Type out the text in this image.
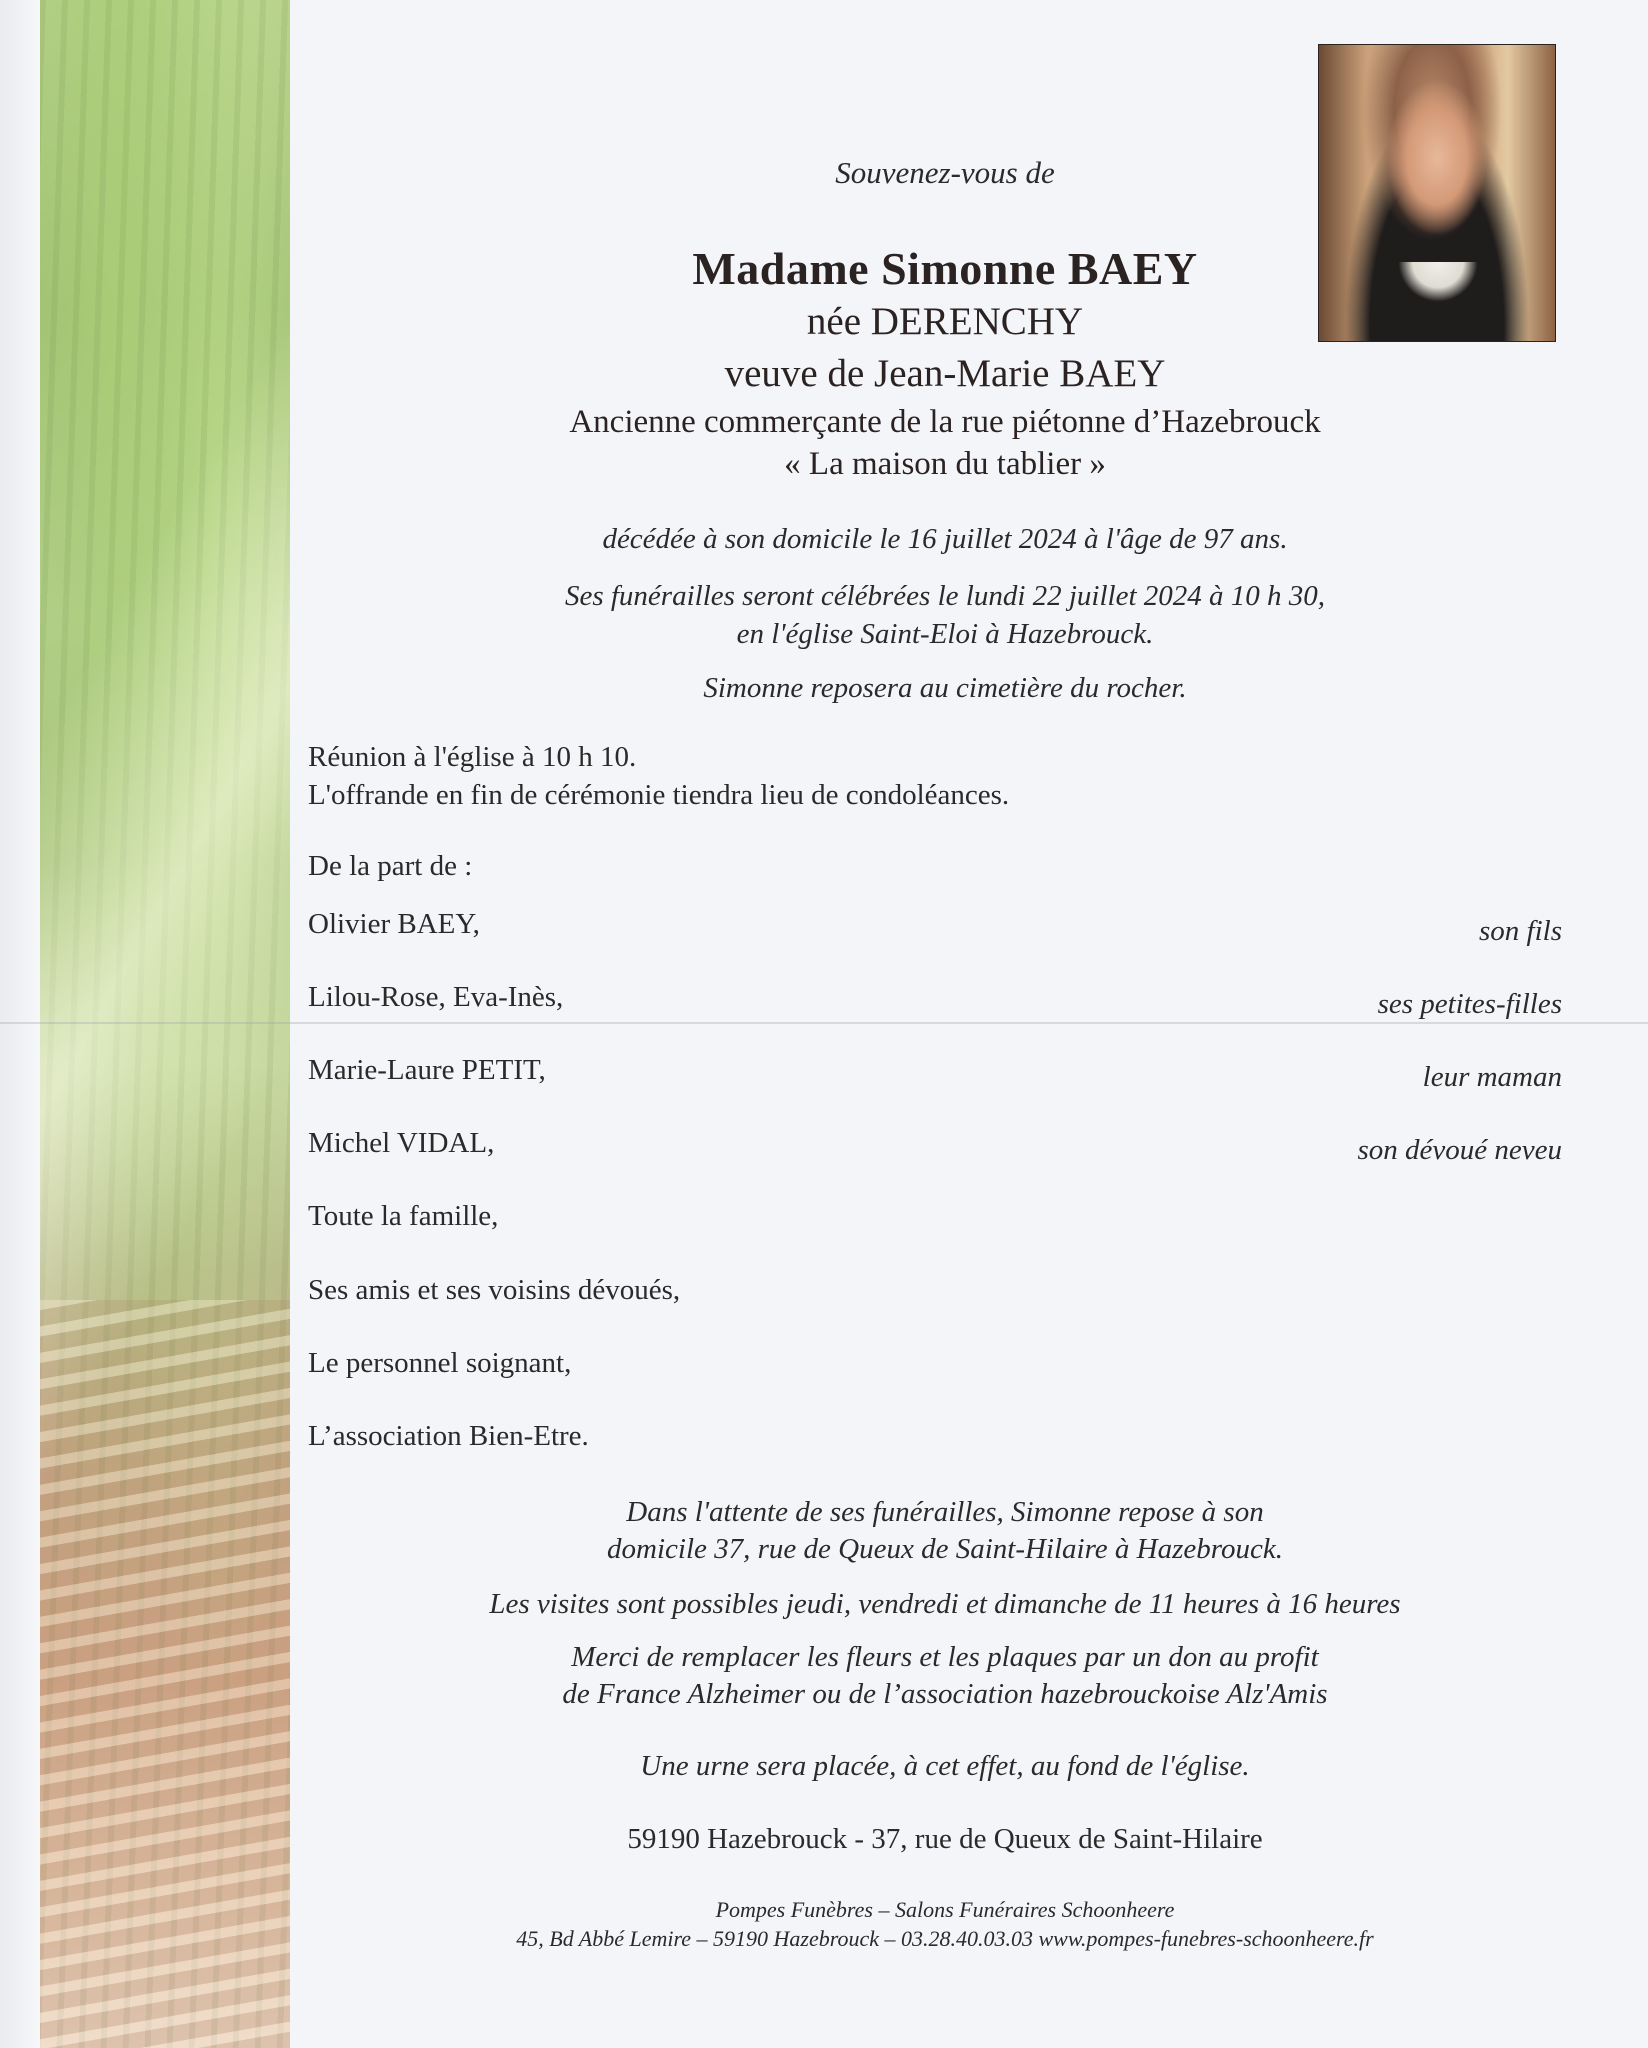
Souvenez-vous de
Madame Simonne BAEY
née DERENCHY
veuve de Jean-Marie BAEY
Ancienne commerçante de la rue piétonne d’Hazebrouck
« La maison du tablier »
décédée à son domicile le 16 juillet 2024 à l'âge de 97 ans.
Ses funérailles seront célébrées le lundi 22 juillet 2024 à 10 h 30,
en l'église Saint-Eloi à Hazebrouck.
Simonne reposera au cimetière du rocher.
Réunion à l'église à 10 h 10.
L'offrande en fin de cérémonie tiendra lieu de condoléances.
De la part de :
Olivier BAEY,	son fils
Lilou-Rose, Eva-Inès,	ses petites-filles
Marie-Laure PETIT,	leur maman
Michel VIDAL,	son dévoué neveu
Toute la famille,
Ses amis et ses voisins dévoués,
Le personnel soignant,
L’association Bien-Etre.
Dans l'attente de ses funérailles, Simonne repose à son
domicile 37, rue de Queux de Saint-Hilaire à Hazebrouck.
Les visites sont possibles jeudi, vendredi et dimanche de 11 heures à 16 heures
Merci de remplacer les fleurs et les plaques par un don au profit
de France Alzheimer ou de l’association hazebrouckoise Alz'Amis
Une urne sera placée, à cet effet, au fond de l'église.
59190 Hazebrouck - 37, rue de Queux de Saint-Hilaire
Pompes Funèbres – Salons Funéraires Schoonheere
45, Bd Abbé Lemire – 59190 Hazebrouck – 03.28.40.03.03 www.pompes-funebres-schoonheere.fr
